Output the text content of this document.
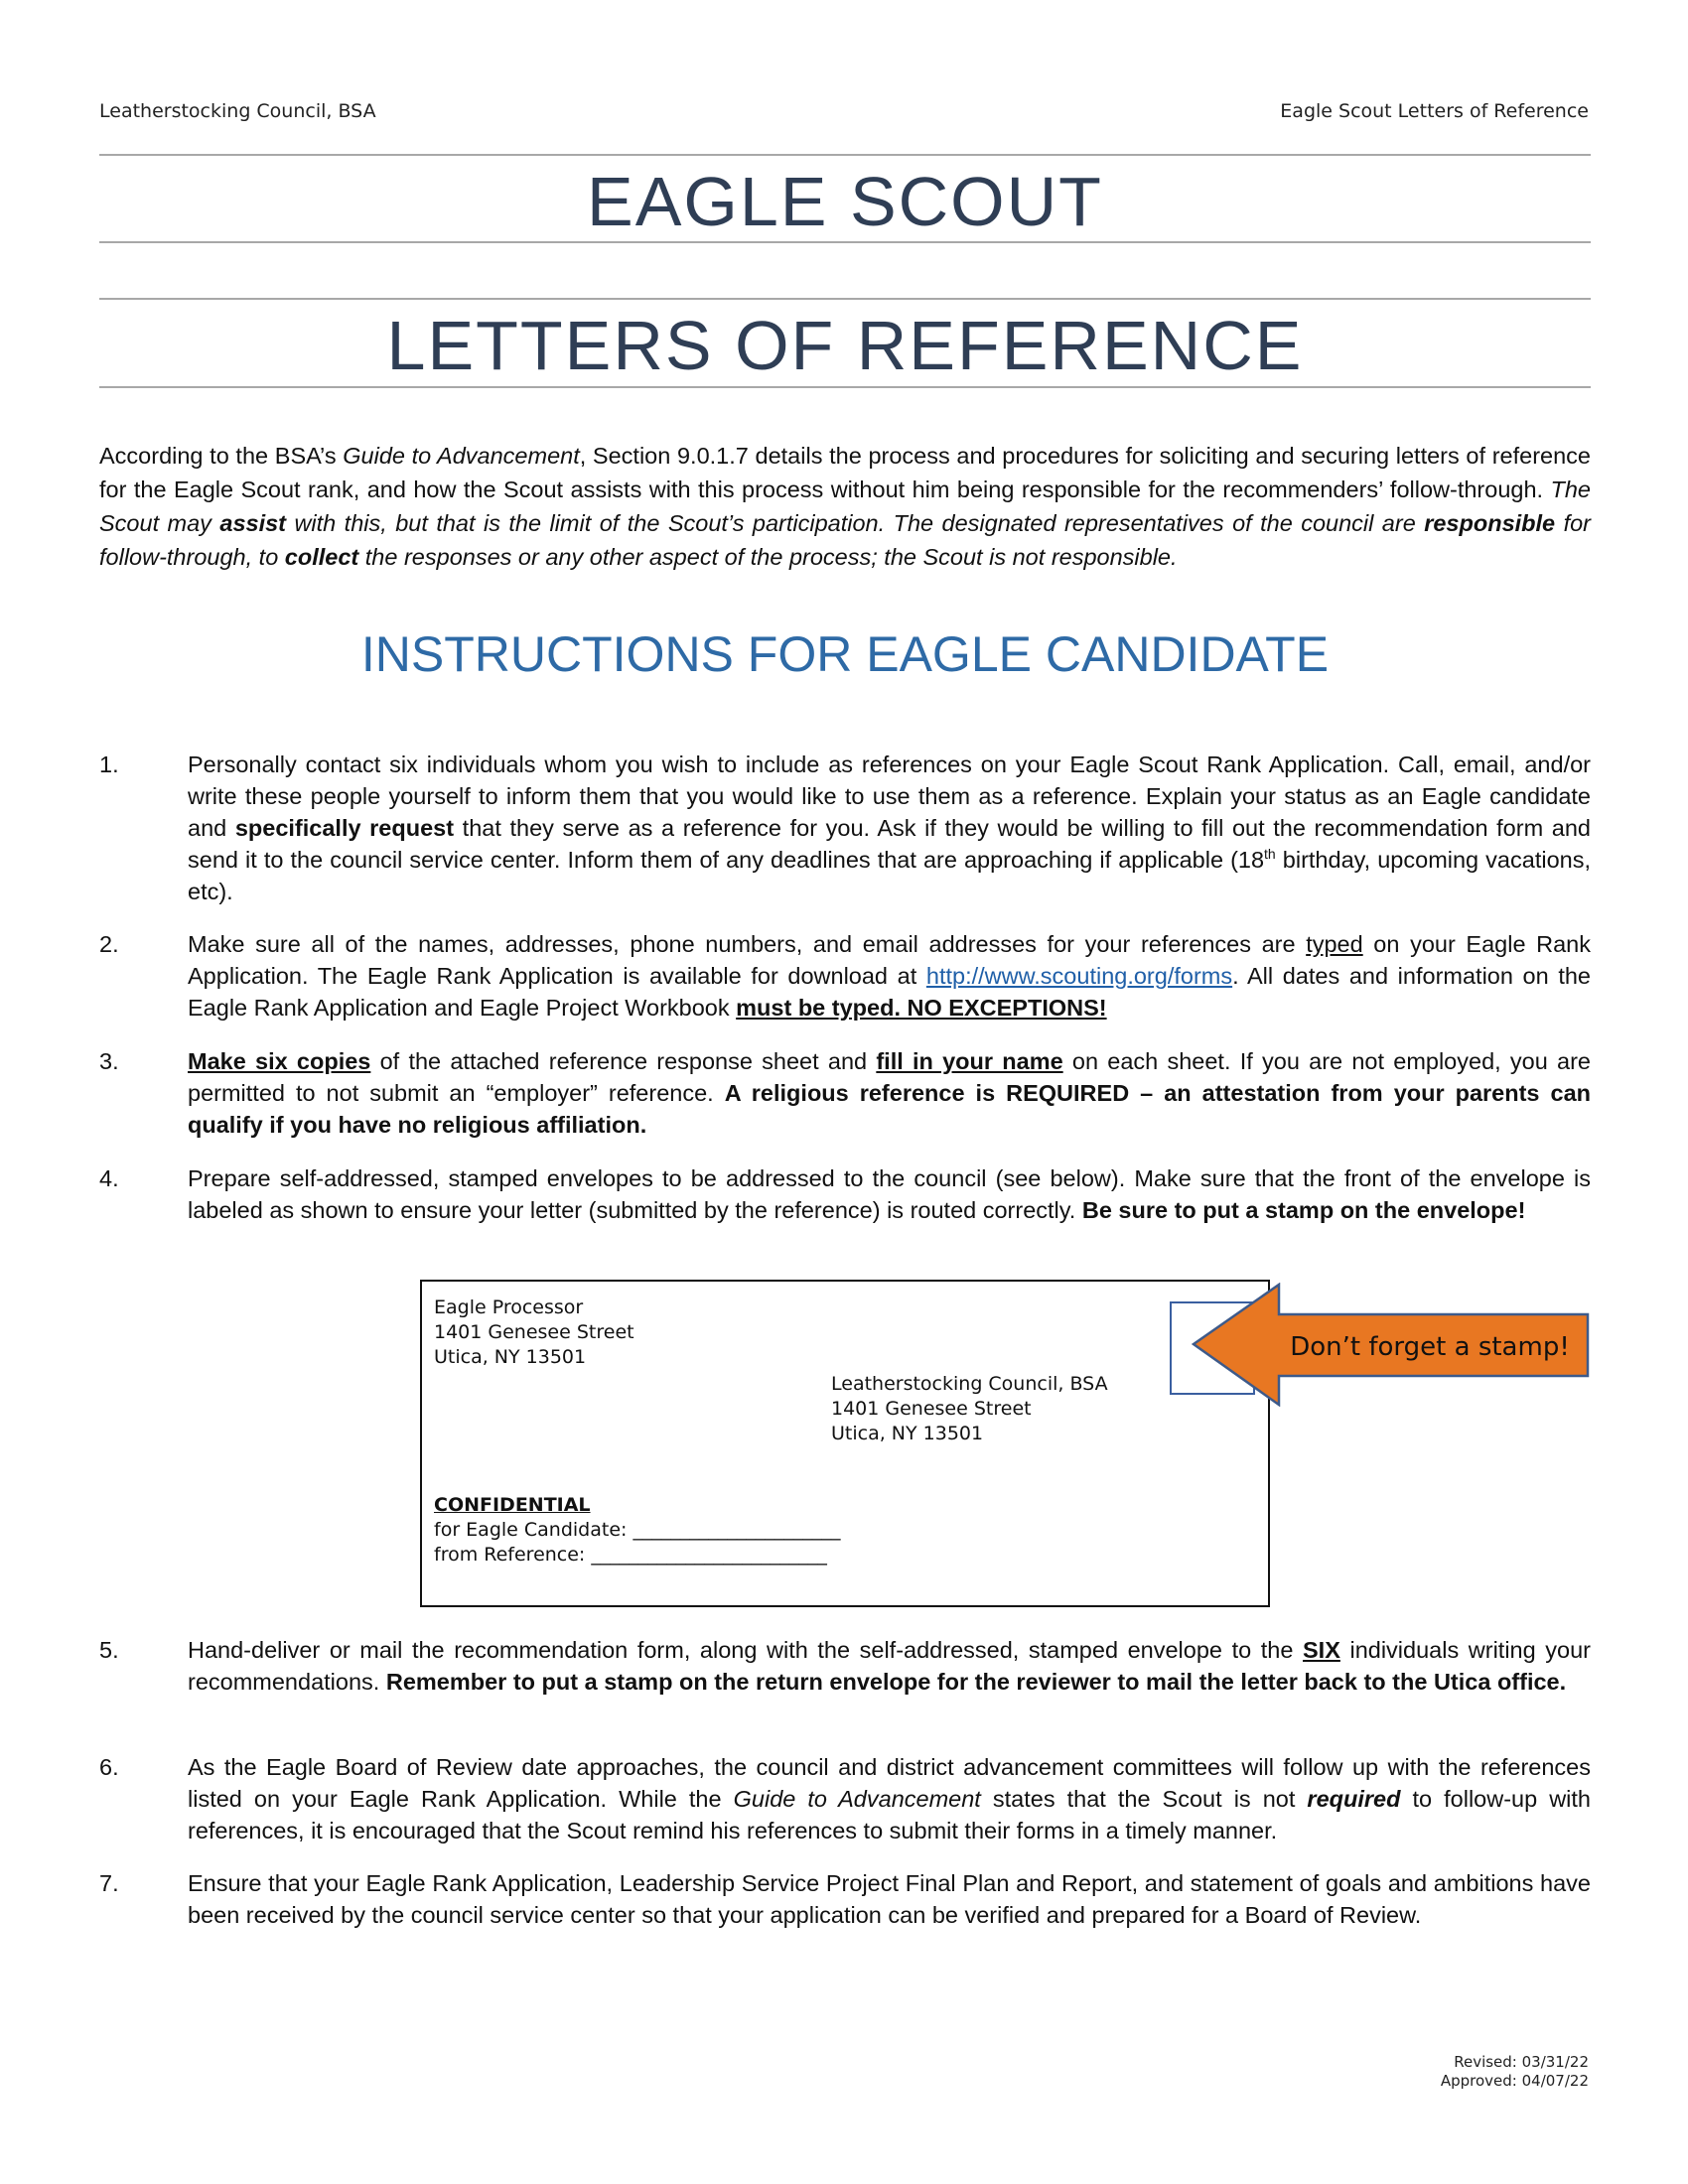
Leatherstocking Council, BSA	Eagle Scout Letters of Reference
EAGLE SCOUT
LETTERS OF REFERENCE

According to the BSA’s Guide to Advancement, Section 9.0.1.7 details the process and procedures for soliciting and securing letters of reference for the Eagle Scout rank, and how the Scout assists with this process without him being responsible for the recommenders’ follow-through. The Scout may assist with this, but that is the limit of the Scout’s participation. The designated representatives of the council are responsible for follow-through, to collect the responses or any other aspect of the process; the Scout is not responsible.

INSTRUCTIONS FOR EAGLE CANDIDATE
1.	Personally contact six individuals whom you wish to include as references on your Eagle Scout Rank Application. Call, email, and/or write these people yourself to inform them that you would like to use them as a reference. Explain your status as an Eagle candidate and specifically request that they serve as a reference for you. Ask if they would be willing to fill out the recommendation form and send it to the council service center. Inform them of any deadlines that are approaching if applicable (18th birthday, upcoming vacations, etc).
2.	Make sure all of the names, addresses, phone numbers, and email addresses for your references are typed on your Eagle Rank Application. The Eagle Rank Application is available for download at http://www.scouting.org/forms. All dates and information on the Eagle Rank Application and Eagle Project Workbook must be typed. NO EXCEPTIONS!
3.	Make six copies of the attached reference response sheet and fill in your name on each sheet. If you are not employed, you are permitted to not submit an “employer” reference. A religious reference is REQUIRED – an attestation from your parents can qualify if you have no religious affiliation.
4.	Prepare self-addressed, stamped envelopes to be addressed to the council (see below). Make sure that the front of the envelope is labeled as shown to ensure your letter (submitted by the reference) is routed correctly. Be sure to put a stamp on the envelope!
Eagle Processor
1401 Genesee Street
Utica, NY 13501
Leatherstocking Council, BSA
1401 Genesee Street
Utica, NY 13501
CONFIDENTIAL
for Eagle Candidate: ______________________
from Reference: _________________________
Don’t forget a stamp!
5.	Hand-deliver or mail the recommendation form, along with the self-addressed, stamped envelope to the SIX individuals writing your recommendations. Remember to put a stamp on the return envelope for the reviewer to mail the letter back to the Utica office.
6.	As the Eagle Board of Review date approaches, the council and district advancement committees will follow up with the references listed on your Eagle Rank Application. While the Guide to Advancement states that the Scout is not required to follow-up with references, it is encouraged that the Scout remind his references to submit their forms in a timely manner.
7.	Ensure that your Eagle Rank Application, Leadership Service Project Final Plan and Report, and statement of goals and ambitions have been received by the council service center so that your application can be verified and prepared for a Board of Review.
Revised: 03/31/22
Approved: 04/07/22
